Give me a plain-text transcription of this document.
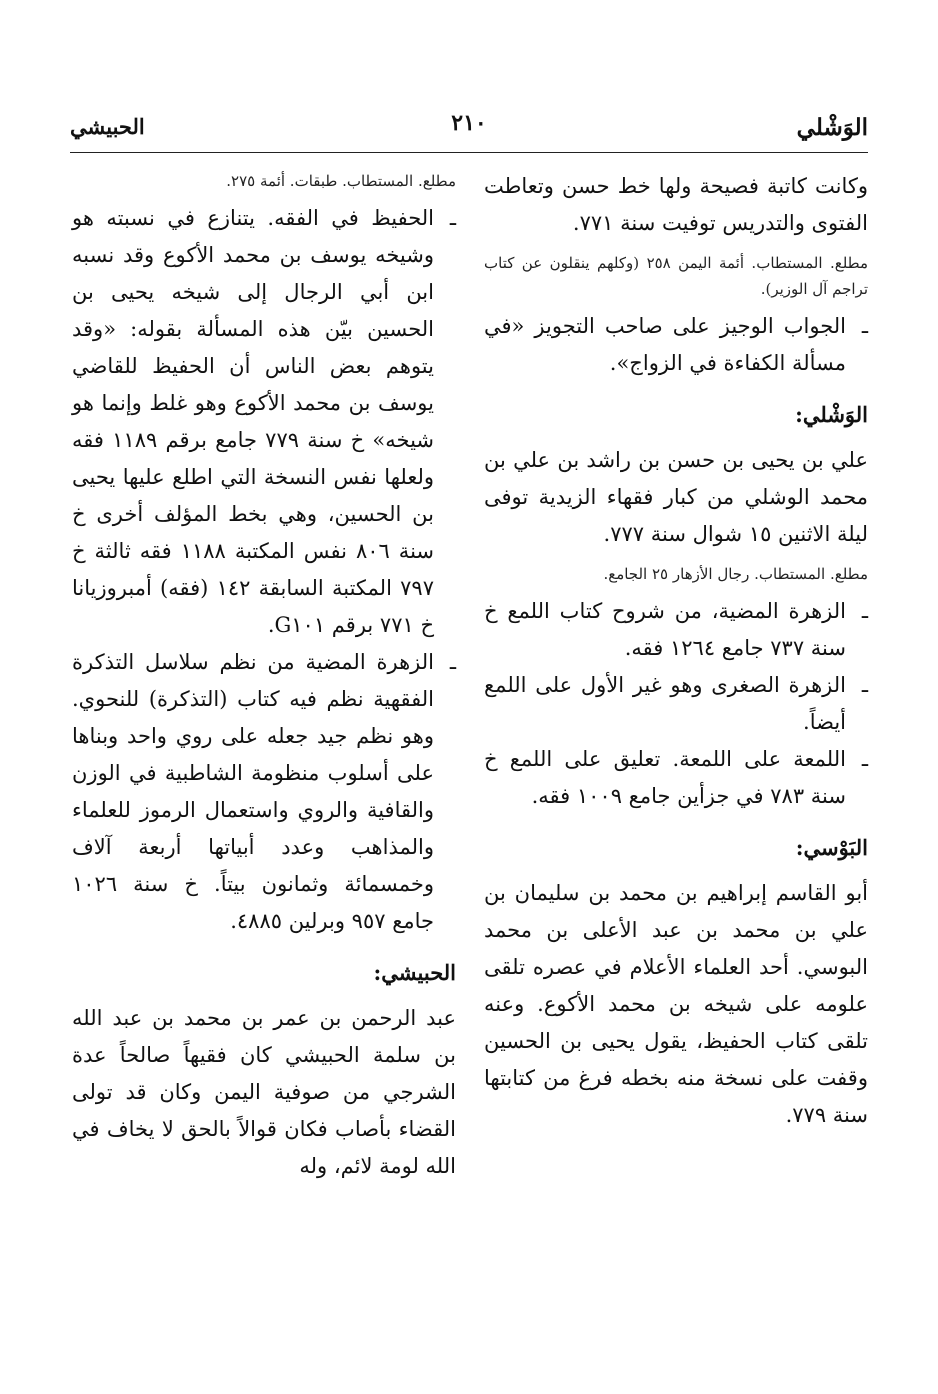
الوَشْلي
٢١٠
الحبيشي

وكانت كاتبة فصيحة ولها خط حسن وتعاطت الفتوى والتدريس توفيت سنة ٧٧١.

مطلع. المستطاب. أئمة اليمن ٢٥٨ (وكلهم ينقلون عن كتاب تراجم آل الوزير).

ـ الجواب الوجيز على صاحب التجويز «في مسألة الكفاءة في الزواج».

الوَشْلي:

علي بن يحيى بن حسن بن راشد بن علي بن محمد الوشلي من كبار فقهاء الزيدية توفى ليلة الاثنين ١٥ شوال سنة ٧٧٧.

مطلع. المستطاب. رجال الأزهار ٢٥ الجامع.

ـ الزهرة المضية، من شروح كتاب اللمع خ سنة ٧٣٧ جامع ١٢٦٤ فقه.

ـ الزهرة الصغرى وهو غير الأول على اللمع أيضاً.

ـ اللمعة على اللمعة. تعليق على اللمع خ سنة ٧٨٣ في جزأين جامع ١٠٠٩ فقه.

البَوْسي:

أبو القاسم إبراهيم بن محمد بن سليمان بن علي بن محمد بن عبد الأعلى بن محمد البوسي. أحد العلماء الأعلام في عصره تلقى علومه على شيخه بن محمد الأكوع. وعنه تلقى كتاب الحفيظ، يقول يحيى بن الحسين وقفت على نسخة منه بخطه فرغ من كتابتها سنة ٧٧٩.

مطلع. المستطاب. طبقات. أئمة ٢٧٥.

ـ الحفيظ في الفقه. يتنازع في نسبته هو وشيخه يوسف بن محمد الأكوع وقد نسبه ابن أبي الرجال إلى شيخه يحيى بن الحسين بيّن هذه المسألة بقوله: «وقد يتوهم بعض الناس أن الحفيظ للقاضي يوسف بن محمد الأكوع وهو غلط وإنما هو شيخه» خ سنة ٧٧٩ جامع برقم ١١٨٩ فقه ولعلها نفس النسخة التي اطلع عليها يحيى بن الحسين، وهي بخط المؤلف أخرى خ سنة ٨٠٦ نفس المكتبة ١١٨٨ فقه ثالثة خ ٧٩٧ المكتبة السابقة ١٤٢ (فقه) أمبروزيانا خ ٧٧١ برقم G١٠١.

ـ الزهرة المضية من نظم سلاسل التذكرة الفقهية نظم فيه كتاب (التذكرة) للنحوي. وهو نظم جيد جعله على روي واحد وبناها على أسلوب منظومة الشاطبية في الوزن والقافية والروي واستعمال الرموز للعلماء والمذاهب وعدد أبياتها أربعة آلاف وخمسمائة وثمانون بيتاً. خ سنة ١٠٢٦ جامع ٩٥٧ وبرلين ٤٨٨٥.

الحبيشي:

عبد الرحمن بن عمر بن محمد بن عبد الله بن سلمة الحبيشي كان فقيهاً صالحاً عدة الشرجي من صوفية اليمن وكان قد تولى القضاء بأصاب فكان قوالاً بالحق لا يخاف في الله لومة لائم، وله
